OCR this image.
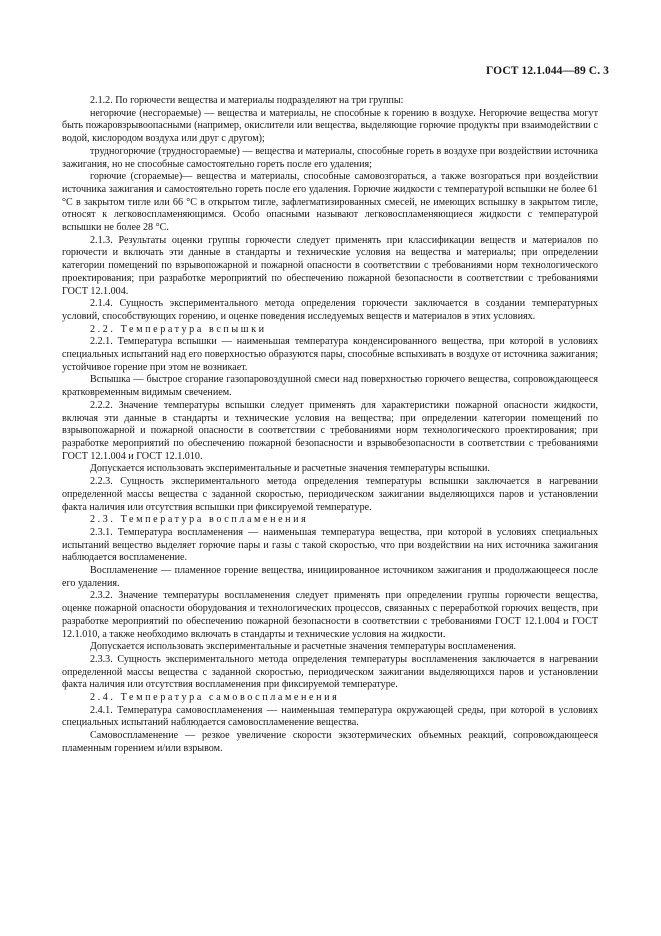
ГОСТ 12.1.044—89 С. 3

2.1.2. По горючести вещества и материалы подразделяют на три группы:

негорючие (несгораемые) — вещества и материалы, не способные к горению в воздухе. Негорючие вещества могут быть пожаровзрывоопасными (например, окислители или вещества, выделяющие горючие продукты при взаимодействии с водой, кислородом воздуха или друг с другом);

трудногорючие (трудносгораемые) — вещества и материалы, способные гореть в воздухе при воздействии источника зажигания, но не способные самостоятельно гореть после его удаления;

горючие (сгораемые)— вещества и материалы, способные самовозгораться, а также возгораться при воздействии источника зажигания и самостоятельно гореть после его удаления. Горючие жидкости с температурой вспышки не более 61 °С в закрытом тигле или 66 °С в открытом тигле, зафлегматизированных смесей, не имеющих вспышку в закрытом тигле, относят к легковоспламеняющимся. Особо опасными называют легковоспламеняющиеся жидкости с температурой вспышки не более 28 °С.

2.1.3. Результаты оценки группы горючести следует применять при классификации веществ и материалов по горючести и включать эти данные в стандарты и технические условия на вещества и материалы; при определении категории помещений по взрывопожарной и пожарной опасности в соответствии с требованиями норм технологического проектирования; при разработке мероприятий по обеспечению пожарной безопасности в соответствии с требованиями ГОСТ 12.1.004.

2.1.4. Сущность экспериментального метода определения горючести заключается в создании температурных условий, способствующих горению, и оценке поведения исследуемых веществ и материалов в этих условиях.

2.2. Температура вспышки

2.2.1. Температура вспышки — наименьшая температура конденсированного вещества, при которой в условиях специальных испытаний над его поверхностью образуются пары, способные вспыхивать в воздухе от источника зажигания; устойчивое горение при этом не возникает.

Вспышка — быстрое сгорание газопаровоздушной смеси над поверхностью горючего вещества, сопровождающееся кратковременным видимым свечением.

2.2.2. Значение температуры вспышки следует применять для характеристики пожарной опасности жидкости, включая эти данные в стандарты и технические условия на вещества; при определении категории помещений по взрывопожарной и пожарной опасности в соответствии с требованиями норм технологического проектирования; при разработке мероприятий по обеспечению пожарной безопасности и взрывобезопасности в соответствии с требованиями ГОСТ 12.1.004 и ГОСТ 12.1.010.

Допускается использовать экспериментальные и расчетные значения температуры вспышки.

2.2.3. Сущность экспериментального метода определения температуры вспышки заключается в нагревании определенной массы вещества с заданной скоростью, периодическом зажигании выделяющихся паров и установлении факта наличия или отсутствия вспышки при фиксируемой температуре.

2.3. Температура воспламенения

2.3.1. Температура воспламенения — наименьшая температура вещества, при которой в условиях специальных испытаний вещество выделяет горючие пары и газы с такой скоростью, что при воздействии на них источника зажигания наблюдается воспламенение.

Воспламенение — пламенное горение вещества, инициированное источником зажигания и продолжающееся после его удаления.

2.3.2. Значение температуры воспламенения следует применять при определении группы горючести вещества, оценке пожарной опасности оборудования и технологических процессов, связанных с переработкой горючих веществ, при разработке мероприятий по обеспечению пожарной безопасности в соответствии с требованиями ГОСТ 12.1.004 и ГОСТ 12.1.010, а также необходимо включать в стандарты и технические условия на жидкости.

Допускается использовать экспериментальные и расчетные значения температуры воспламенения.

2.3.3. Сущность экспериментального метода определения температуры воспламенения заключается в нагревании определенной массы вещества с заданной скоростью, периодическом зажигании выделяющихся паров и установлении факта наличия или отсутствия воспламенения при фиксируемой температуре.

2.4. Температура самовоспламенения

2.4.1. Температура самовоспламенения — наименьшая температура окружающей среды, при которой в условиях специальных испытаний наблюдается самовоспламенение вещества.

Самовоспламенение — резкое увеличение скорости экзотермических объемных реакций, сопровождающееся пламенным горением и/или взрывом.
